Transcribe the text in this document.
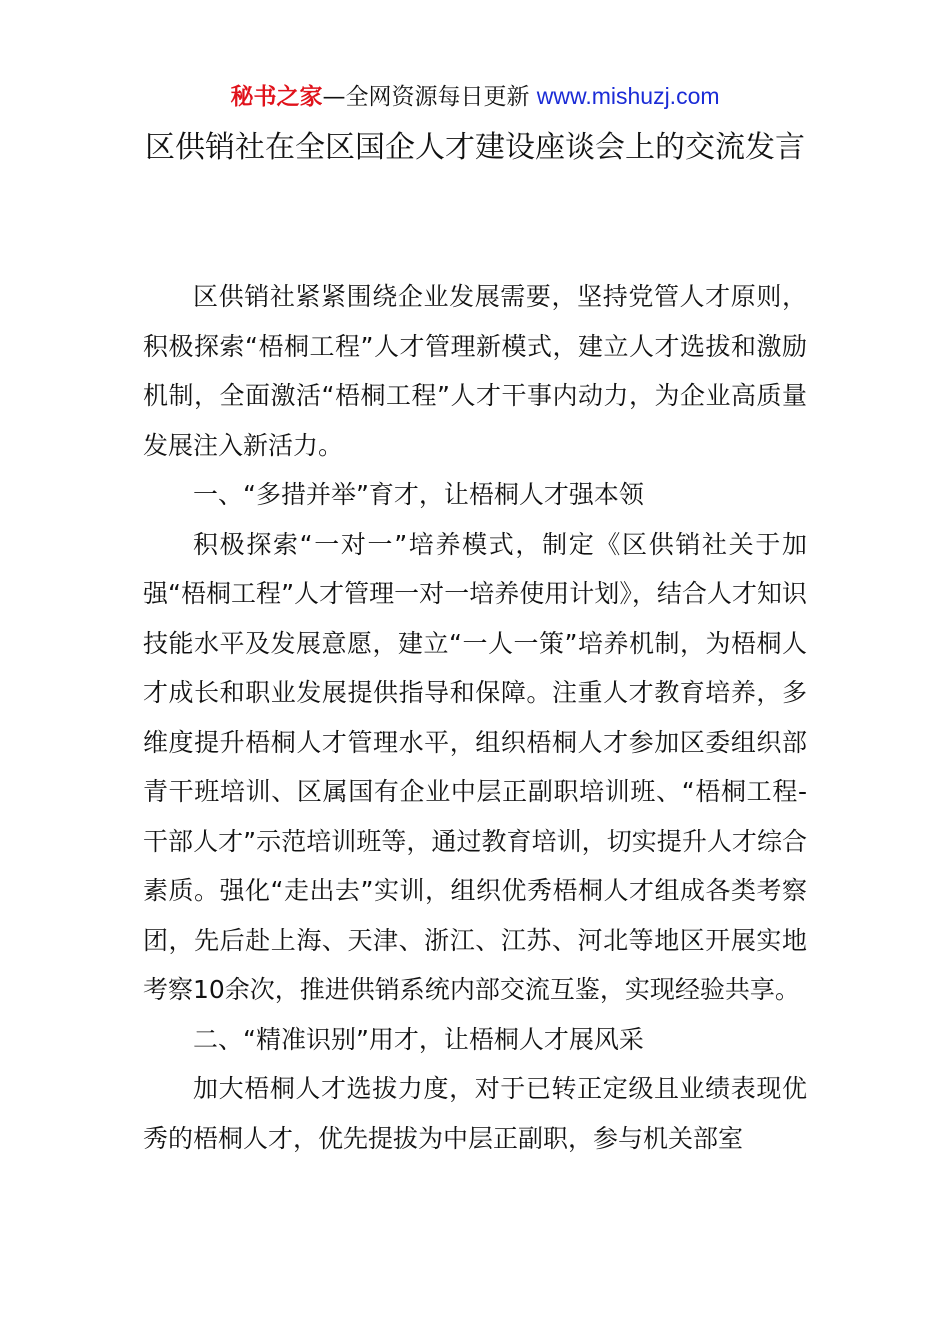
秘书之家—全网资源每日更新 www.mishuzj.com
区供销社在全区国企人才建设座谈会上的交流发言

区供销社紧紧围绕企业发展需要，坚持党管人才原则，积极探索“梧桐工程”人才管理新模式，建立人才选拔和激励机制，全面激活“梧桐工程”人才干事内动力，为企业高质量发展注入新活力。

一、“多措并举”育才，让梧桐人才强本领

积极探索“一对一”培养模式，制定《区供销社关于加强“梧桐工程”人才管理一对一培养使用计划》，结合人才知识技能水平及发展意愿，建立“一人一策”培养机制，为梧桐人才成长和职业发展提供指导和保障。注重人才教育培养，多维度提升梧桐人才管理水平，组织梧桐人才参加区委组织部青干班培训、区属国有企业中层正副职培训班、“梧桐工程-干部人才”示范培训班等，通过教育培训，切实提升人才综合素质。强化“走出去”实训，组织优秀梧桐人才组成各类考察团，先后赴上海、天津、浙江、江苏、河北等地区开展实地考察10余次，推进供销系统内部交流互鉴，实现经验共享。

二、“精准识别”用才，让梧桐人才展风采

加大梧桐人才选拔力度，对于已转正定级且业绩表现优秀的梧桐人才，优先提拔为中层正副职，参与机关部室
